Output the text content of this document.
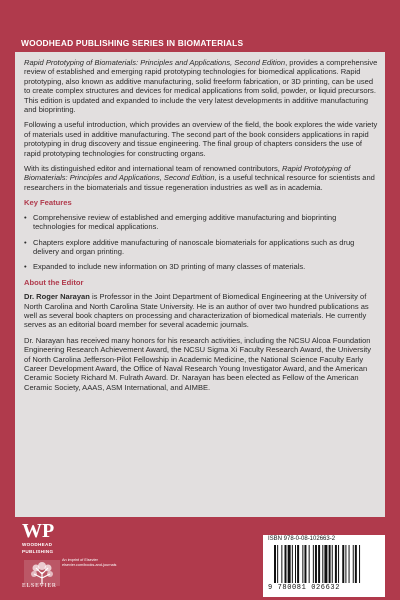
WOODHEAD PUBLISHING SERIES IN BIOMATERIALS

Rapid Prototyping of Biomaterials: Principles and Applications, Second Edition, provides a comprehensive review of established and emerging rapid prototyping technologies for biomedical applications. Rapid prototyping, also known as additive manufacturing, solid freeform fabrication, or 3D printing, can be used to create complex structures and devices for medical applications from solid, powder, or liquid precursors. This edition is updated and expanded to include the very latest developments in additive manufacturing and bioprinting.

Following a useful introduction, which provides an overview of the field, the book explores the wide variety of materials used in additive manufacturing. The second part of the book considers applications in rapid prototyping in drug discovery and tissue engineering. The final group of chapters considers the use of rapid prototyping technologies for constructing organs.

With its distinguished editor and international team of renowned contributors, Rapid Prototyping of Biomaterials: Principles and Applications, Second Edition, is a useful technical resource for scientists and researchers in the biomaterials and tissue regeneration industries as well as in academia.

Key Features
• Comprehensive review of established and emerging additive manufacturing and bioprinting technologies for medical applications.
• Chapters explore additive manufacturing of nanoscale biomaterials for applications such as drug delivery and organ printing.
• Expanded to include new information on 3D printing of many classes of materials.
About the Editor

Dr. Roger Narayan is Professor in the Joint Department of Biomedical Engineering at the University of North Carolina and North Carolina State University. He is an author of over two hundred publications as well as several book chapters on processing and characterization of biomedical materials. He currently serves as an editorial board member for several academic journals.

Dr. Narayan has received many honors for his research activities, including the NCSU Alcoa Foundation Engineering Research Achievement Award, the NCSU Sigma Xi Faculty Research Award, the University of North Carolina Jefferson-Pilot Fellowship in Academic Medicine, the National Science Faculty Early Career Development Award, the Office of Naval Research Young Investigator Award, and the American Ceramic Society Richard M. Fulrath Award. Dr. Narayan has been elected as Fellow of the American Ceramic Society, AAAS, ASM International, and AIMBE.

WP
WOODHEAD
PUBLISHING
An imprint of Elsevier
elsevier.com/books-and-journals
ELSEVIER
ISBN 978-0-08-102663-2
9 780081 026632
